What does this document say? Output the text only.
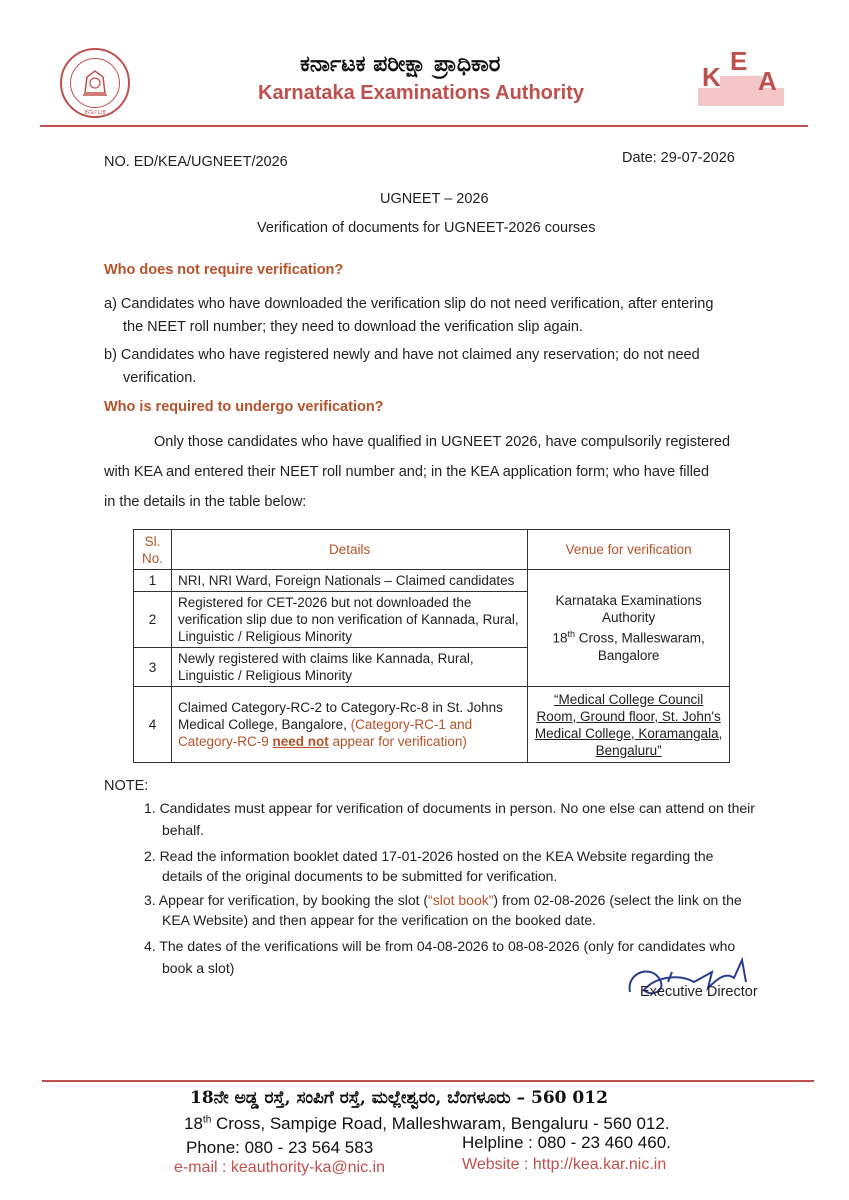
ಕರ್ನಾಟಕ
ಕರ್ನಾಟಕ ಪರೀಕ್ಷಾ ಪ್ರಾಧಿಕಾರ
Karnataka Examinations Authority
K
E
A
NO. ED/KEA/UGNEET/2026	Date: 29-07-2026
UGNEET – 2026
Verification of documents for UGNEET-2026 courses
Who does not require verification?
a) Candidates who have downloaded the verification slip do not need verification, after entering
the NEET roll number; they need to download the verification slip again.
b) Candidates who have registered newly and have not claimed any reservation; do not need
verification.
Who is required to undergo verification?
Only those candidates who have qualified in UGNEET 2026, have compulsorily registered
with KEA and entered their NEET roll number and; in the KEA application form; who have filled
in the details in the table below:
Sl.
No.	Details	Venue for verification
1	NRI, NRI Ward, Foreign Nationals – Claimed candidates	Karnataka Examinations
Authority
18th Cross, Malleswaram,
Bangalore
2	Registered for CET-2026 but not downloaded the verification slip due to non verification of Kannada, Rural, Linguistic / Religious Minority	
3	Newly registered with claims like Kannada, Rural, Linguistic / Religious Minority	
4	Claimed Category-RC-2 to Category-Rc-8 in St. Johns Medical College, Bangalore, (Category-RC-1 and Category-RC-9 need not appear for verification)	“Medical College Council Room, Ground floor, St. John's Medical College, Koramangala, Bengaluru”
NOTE:
1. Candidates must appear for verification of documents in person. No one else can attend on their
behalf.
2. Read the information booklet dated 17-01-2026 hosted on the KEA Website regarding the
details of the original documents to be submitted for verification.
3. Appear for verification, by booking the slot (“slot book”) from 02-08-2026 (select the link on the
KEA Website) and then appear for the verification on the booked date.
4. The dates of the verifications will be from 04-08-2026 to 08-08-2026 (only for candidates who
book a slot)
Executive Director
18ನೇ ಅಡ್ಡ ರಸ್ತೆ, ಸಂಪಿಗೆ ರಸ್ತೆ, ಮಲ್ಲೇಶ್ವರಂ, ಬೆಂಗಳೂರು – 560 012
18th Cross, Sampige Road, Malleshwaram, Bengaluru - 560 012.
Phone: 080 - 23 564 583	Helpline : 080 - 23 460 460.
e-mail : keauthority-ka@nic.in	Website : http://kea.kar.nic.in
